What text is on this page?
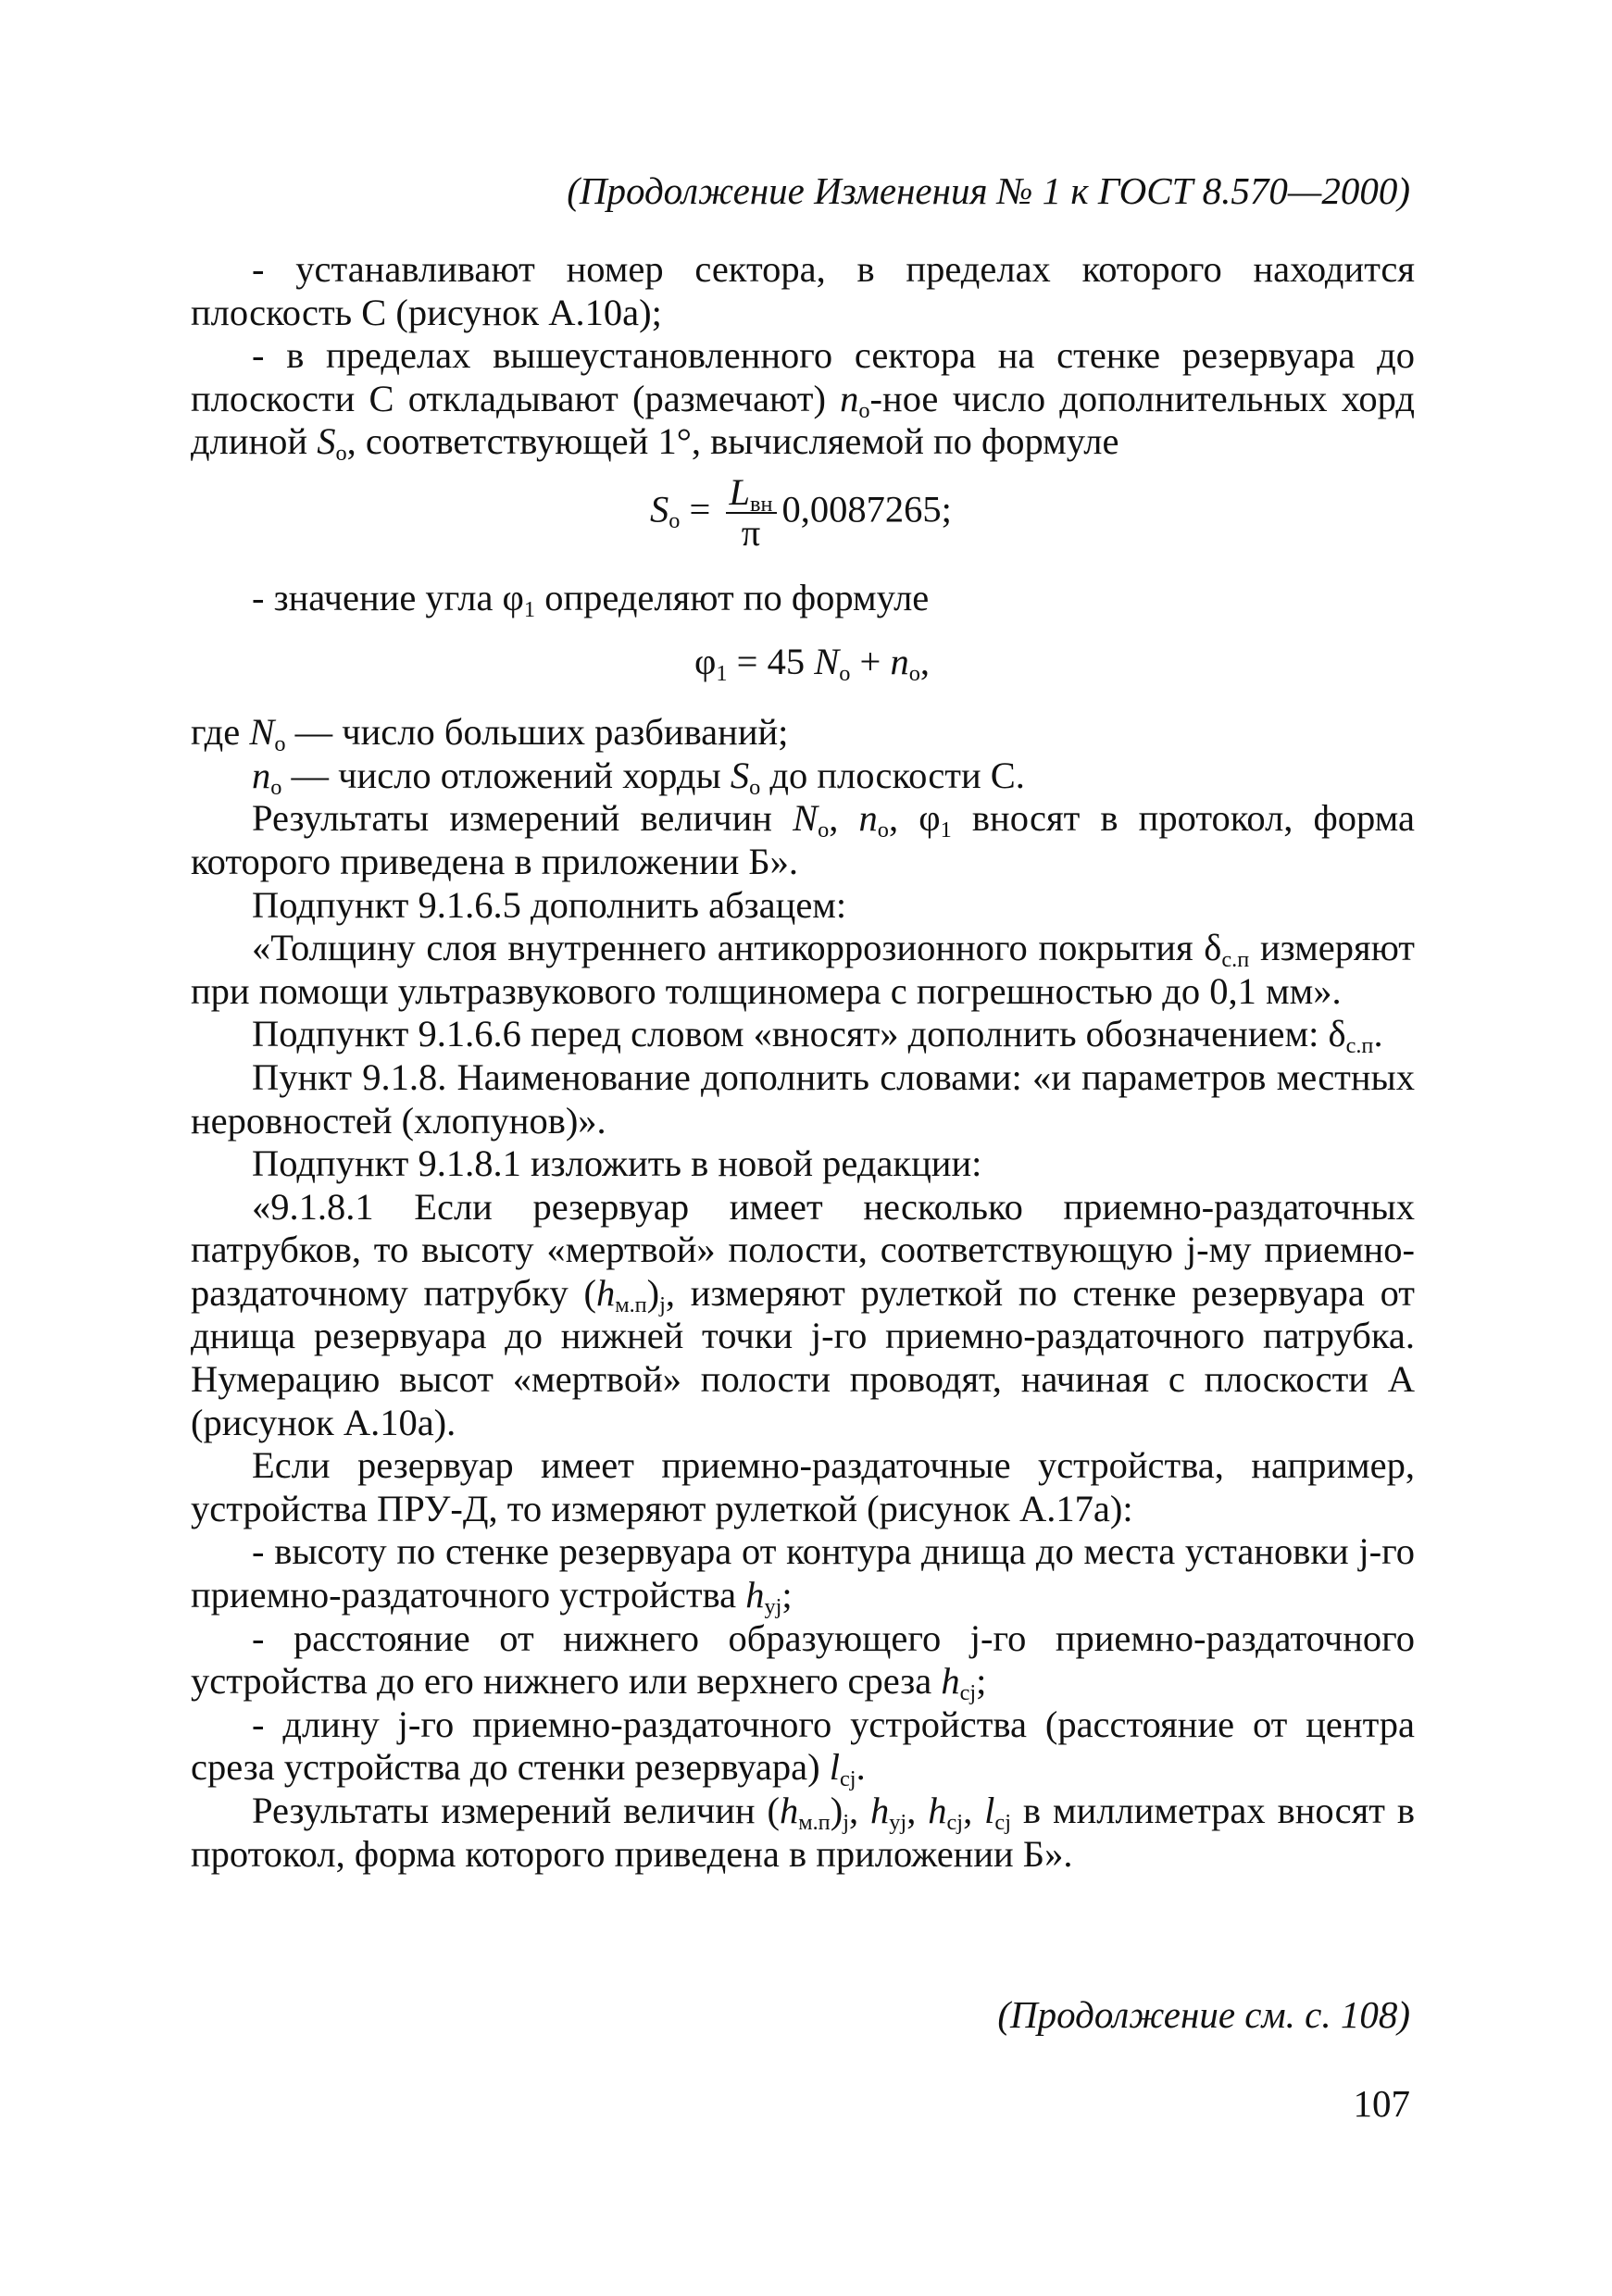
(Продолжение Изменения № 1 к ГОСТ 8.570—2000)

- устанавливают номер сектора, в пределах которого находится плоскость С (рисунок А.10а);

- в пределах вышеустановленного сектора на стенке резервуара до плоскости С откладывают (размечают) $n_о$-ное число дополнительных хорд длиной $S_о$, соответствующей 1°, вычисляемой по формуле

$S_о = \frac{L_{вн}}{\pi} 0,0087265$;

- значение угла $\varphi_1$ определяют по формуле

$\varphi_1 = 45$ $N_о + n_о$,

где $N_о$ — число больших разбиваний;

$n_о$ — число отложений хорды $S_о$ до плоскости С.

Результаты измерений величин $N_о$, $n_о$, $\varphi_1$ вносят в протокол, форма которого приведена в приложении Б».

Подпункт 9.1.6.5 дополнить абзацем:

«Толщину слоя внутреннего антикоррозионного покрытия $\delta_{с.п}$ измеряют при помощи ультразвукового толщиномера с погрешностью до 0,1 мм».

Подпункт 9.1.6.6 перед словом «вносят» дополнить обозначением: $\delta_{с.п}$.

Пункт 9.1.8. Наименование дополнить словами: «и параметров местных неровностей (хлопунов)».

Подпункт 9.1.8.1 изложить в новой редакции:

«9.1.8.1 Если резервуар имеет несколько приемно-раздаточных патрубков, то высоту «мертвой» полости, соответствующую j-му приемно-раздаточному патрубку $(h_{м.п})_j$, измеряют рулеткой по стенке резервуара от днища резервуара до нижней точки j-го приемно-раздаточного патрубка. Нумерацию высот «мертвой» полости проводят, начиная с плоскости А (рисунок А.10а).

Если резервуар имеет приемно-раздаточные устройства, например, устройства ПРУ-Д, то измеряют рулеткой (рисунок А.17а):

- высоту по стенке резервуара от контура днища до места установки j-го приемно-раздаточного устройства $h_{yj}$;

- расстояние от нижнего образующего j-го приемно-раздаточного устройства до его нижнего или верхнего среза $h_{cj}$;

- длину j-го приемно-раздаточного устройства (расстояние от центра среза устройства до стенки резервуара) $l_{cj}$.

Результаты измерений величин $(h_{м.п})_j$, $h_{yj}$, $h_{cj}$, $l_{cj}$ в миллиметрах вносят в протокол, форма которого приведена в приложении Б».

(Продолжение см. с. 108)
107
